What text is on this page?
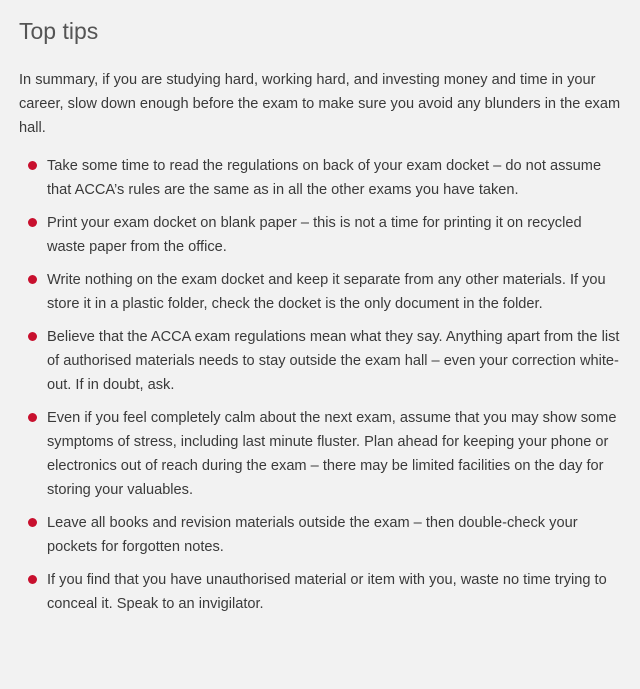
Top tips

In summary, if you are studying hard, working hard, and investing money and time in your career, slow down enough before the exam to make sure you avoid any blunders in the exam hall.

Take some time to read the regulations on back of your exam docket – do not assume that ACCA’s rules are the same as in all the other exams you have taken.
Print your exam docket on blank paper – this is not a time for printing it on recycled waste paper from the office.
Write nothing on the exam docket and keep it separate from any other materials. If you store it in a plastic folder, check the docket is the only document in the folder.
Believe that the ACCA exam regulations mean what they say. Anything apart from the list of authorised materials needs to stay outside the exam hall – even your correction white-out. If in doubt, ask.
Even if you feel completely calm about the next exam, assume that you may show some symptoms of stress, including last minute fluster. Plan ahead for keeping your phone or electronics out of reach during the exam – there may be limited facilities on the day for storing your valuables.
Leave all books and revision materials outside the exam – then double-check your pockets for forgotten notes.
If you find that you have unauthorised material or item with you, waste no time trying to conceal it. Speak to an invigilator.
